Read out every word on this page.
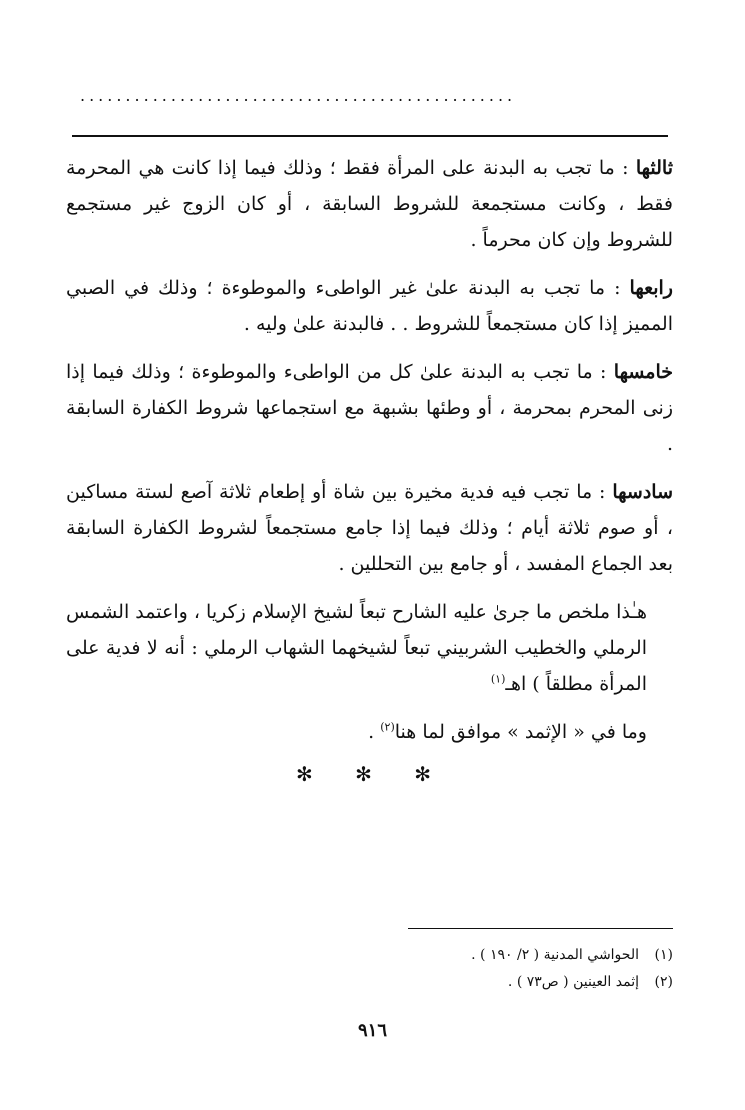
................................................

ثالثها : ما تجب به البدنة على المرأة فقط ؛ وذلك فيما إذا كانت هي المحرمة فقط ، وكانت مستجمعة للشروط السابقة ، أو كان الزوج غير مستجمع للشروط وإن كان محرماً .

رابعها : ما تجب به البدنة علىٰ غير الواطىء والموطوءة ؛ وذلك في الصبي المميز إذا كان مستجمعاً للشروط . . فالبدنة علىٰ وليه .

خامسها : ما تجب به البدنة علىٰ كل من الواطىء والموطوءة ؛ وذلك فيما إذا زنى المحرم بمحرمة ، أو وطئها بشبهة مع استجماعها شروط الكفارة السابقة .

سادسها : ما تجب فيه فدية مخيرة بين شاة أو إطعام ثلاثة آصع لستة مساكين ، أو صوم ثلاثة أيام ؛ وذلك فيما إذا جامع مستجمعاً لشروط الكفارة السابقة بعد الجماع المفسد ، أو جامع بين التحللين .

هـٰذا ملخص ما جرىٰ عليه الشارح تبعاً لشيخ الإسلام زكريا ، واعتمد الشمس الرملي والخطيب الشربيني تبعاً لشيخهما الشهاب الرملي : أنه لا فدية على المرأة مطلقاً ) اهـ$^{(١)}$

وما في « الإثمد » موافق لما هنا$^{(٢)}$ .

✻ ✻ ✻
(١)الحواشي المدنية ( ٢/ ١٩٠ ) .
(٢)إثمد العينين ( ص٧٣ ) .
٩١٦
